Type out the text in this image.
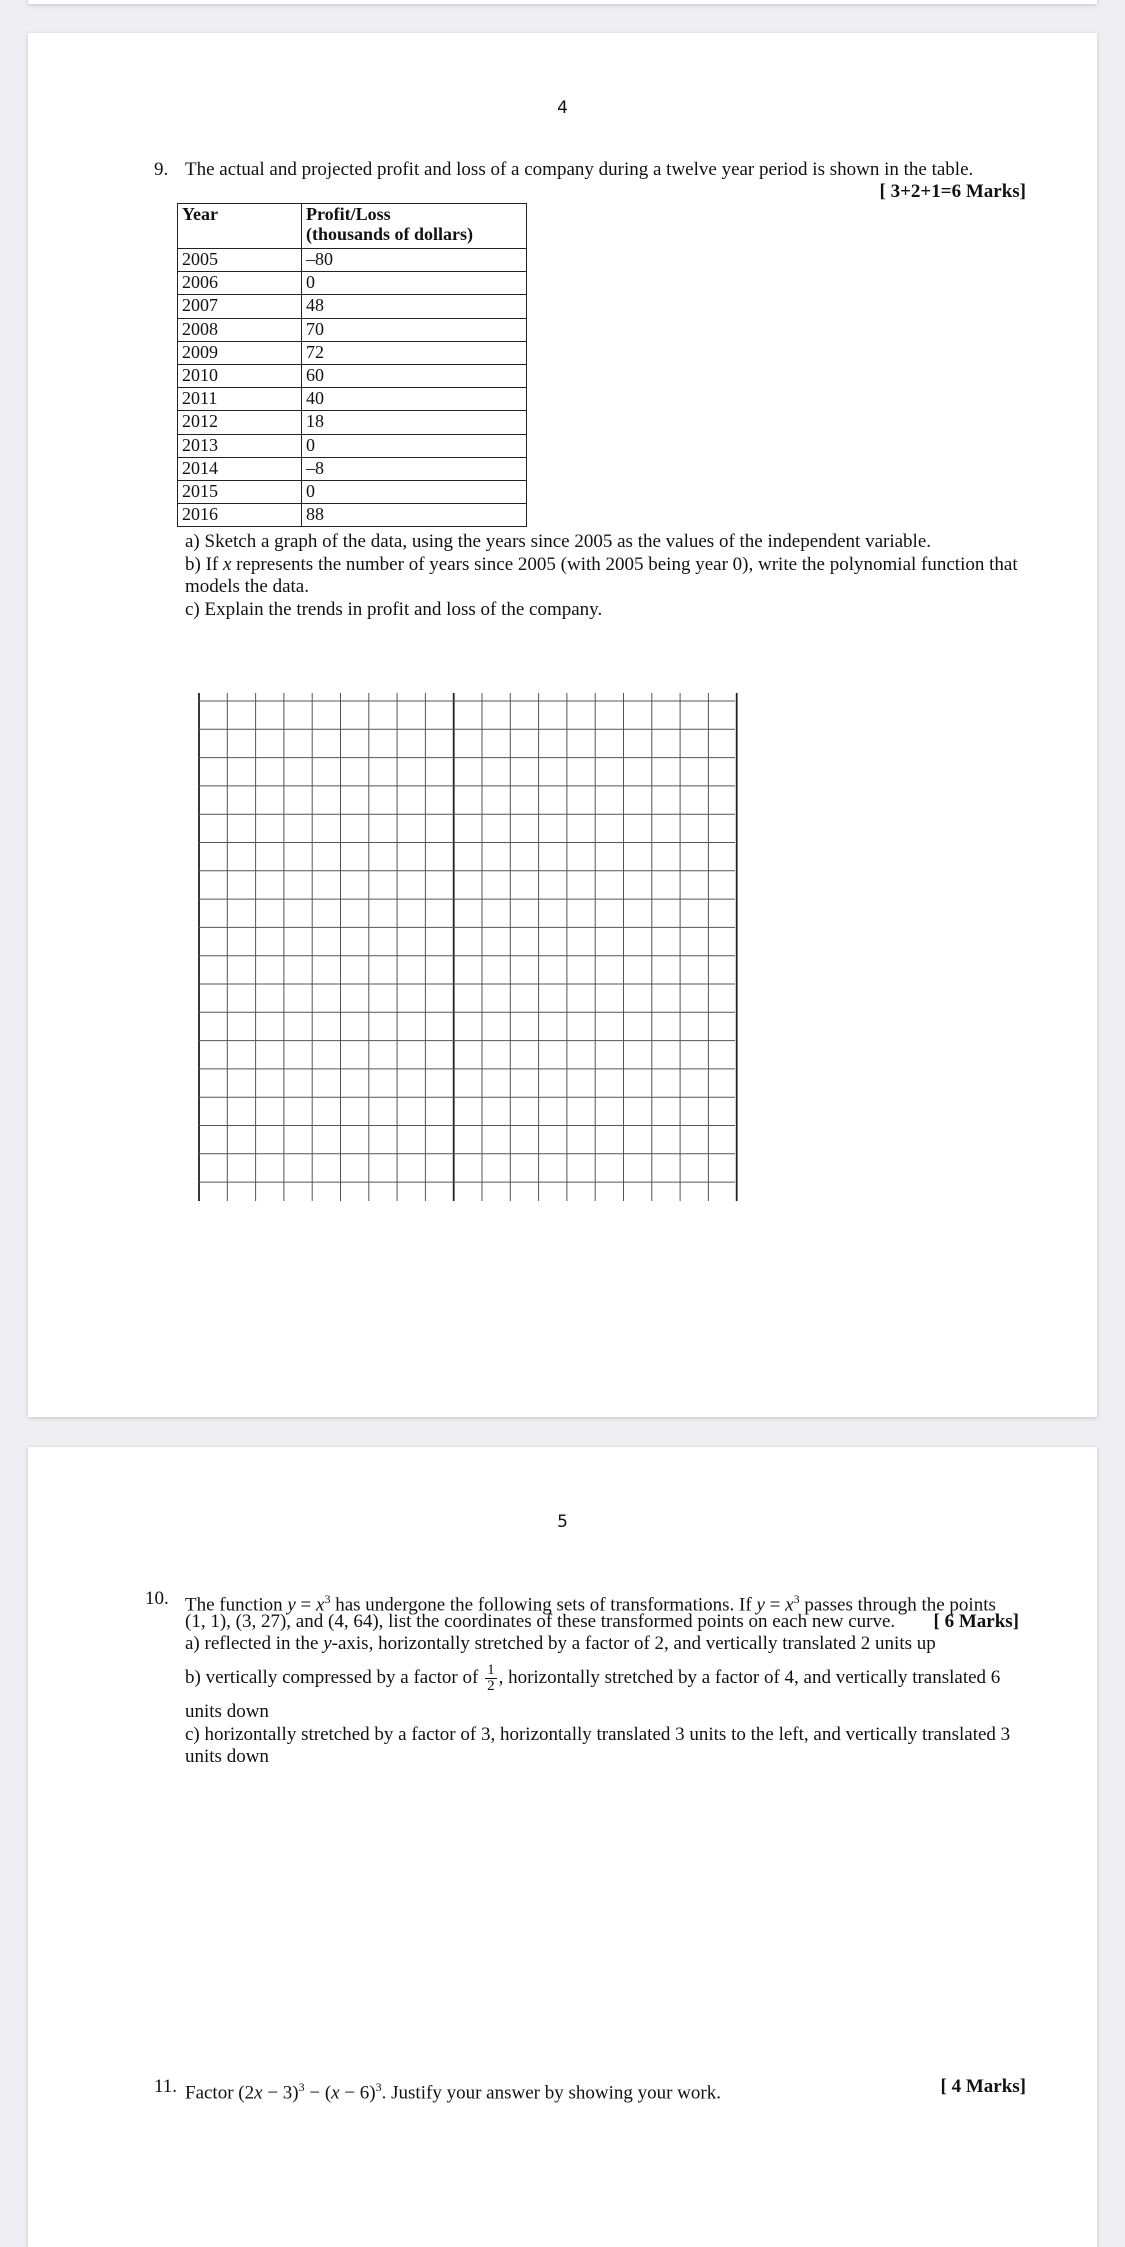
4
9. The actual and projected profit and loss of a company during a twelve year period is shown in the table.
[ 3+2+1=6 Marks]
Year	Profit/Loss
(thousands of dollars)
2005	–80
2006	0
2007	48
2008	70
2009	72
2010	60
2011	40
2012	18
2013	0
2014	–8
2015	0
2016	88
a) Sketch a graph of the data, using the years since 2005 as the values of the independent variable.
b) If x represents the number of years since 2005 (with 2005 being year 0), write the polynomial function that
models the data.
c) Explain the trends in profit and loss of the company.
5
10. The function $y = x^3$ has undergone the following sets of transformations. If $y = x^3$ passes through the points
(1, 1), (3, 27), and (4, 64), list the coordinates of these transformed points on each new curve. [ 6 Marks]
a) reflected in the y-axis, horizontally stretched by a factor of 2, and vertically translated 2 units up
b) vertically compressed by a factor of $\frac{1}{2}$ , horizontally stretched by a factor of 4, and vertically translated 6
units down
c) horizontally stretched by a factor of 3, horizontally translated 3 units to the left, and vertically translated 3
units down
11. Factor $(2x - 3)^3 - (x - 6)^3$. Justify your answer by showing your work.	[ 4 Marks]
